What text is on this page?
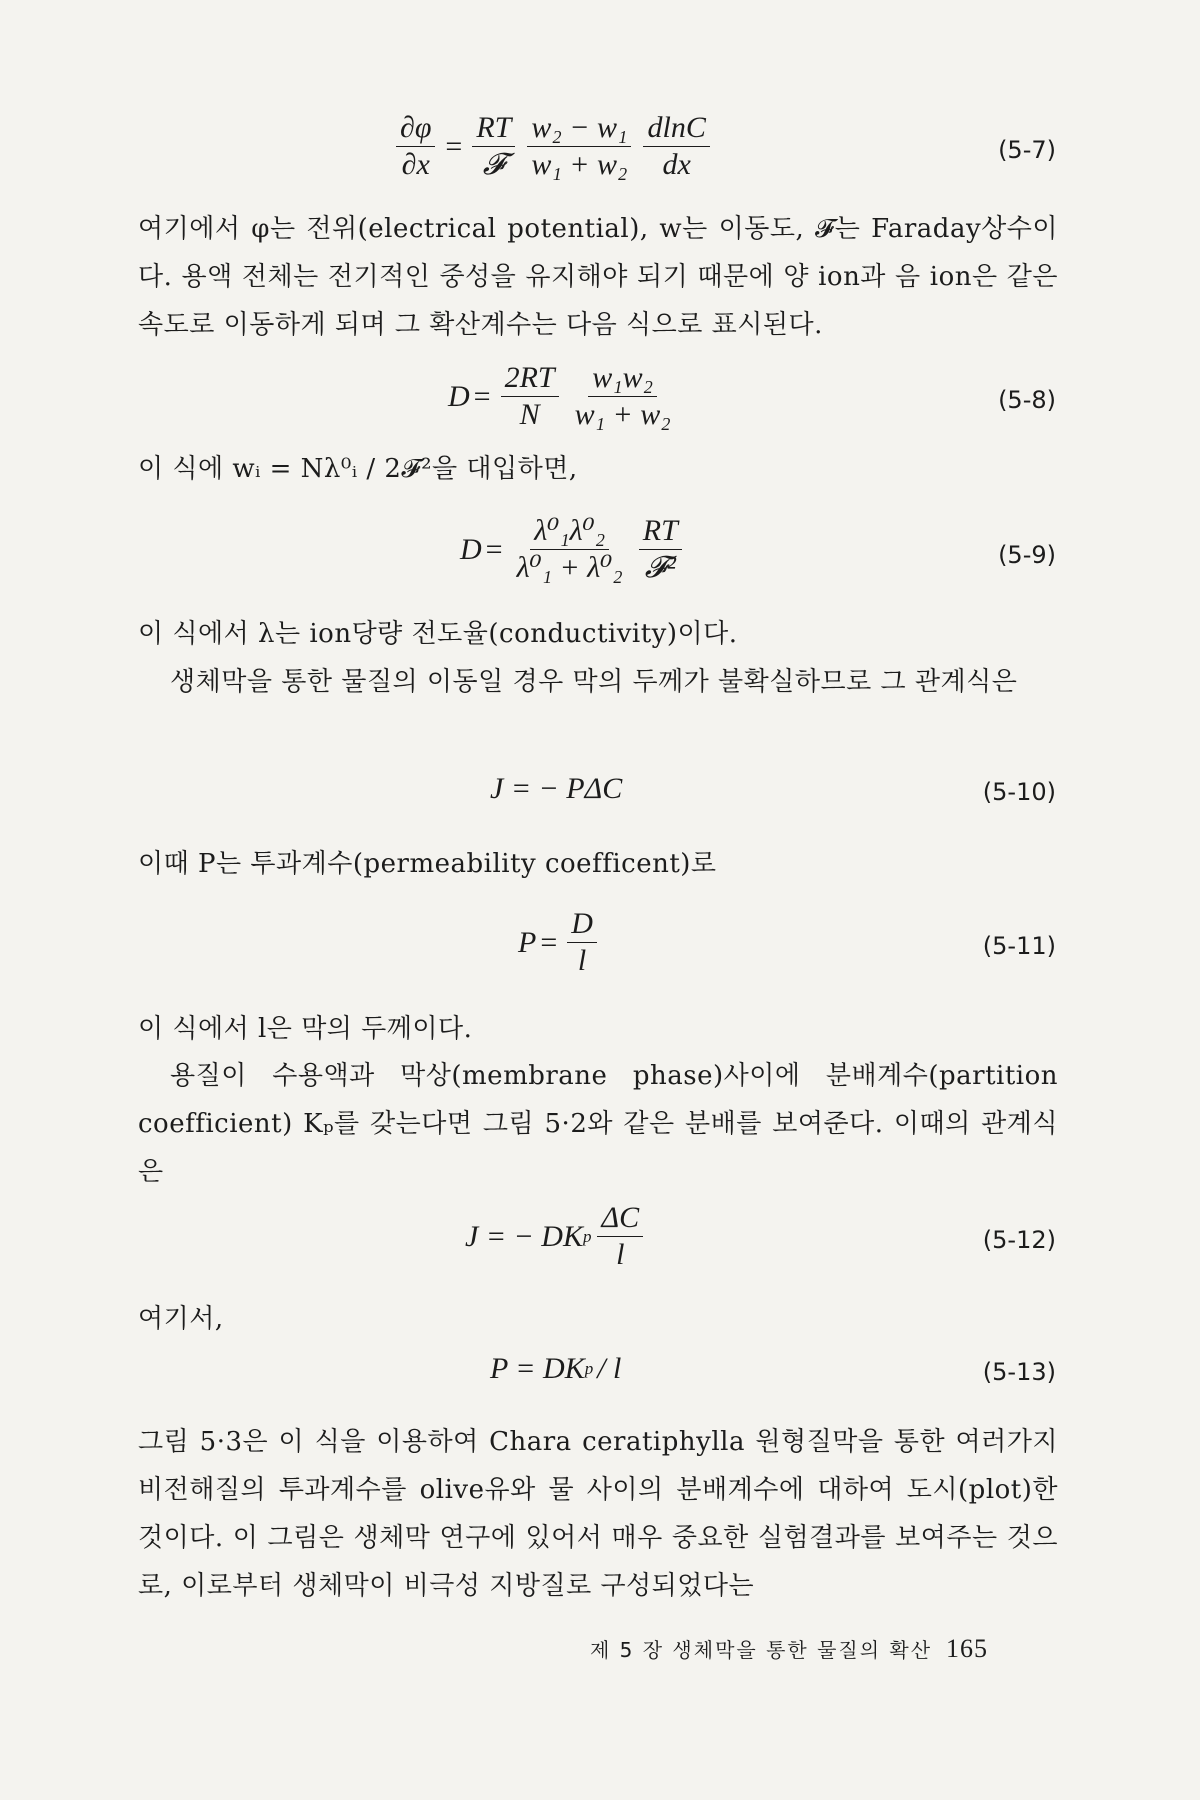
$\frac{\partial\varphi}{\partial x} = \frac{RT}{\text{𝓕}} \frac{\text{w₂ − w₁}}{\text{w₁ + w₂}} \frac{dlnC}{dx}$	(5-7)
여기에서 φ는 전위(electrical potential), w는 이동도, 𝓕는 Faraday상수이다. 용액 전체는 전기적인 중성을 유지해야 되기 때문에 양 ion과 음 ion은 같은 속도로 이동하게 되며 그 확산계수는 다음 식으로 표시된다.
$D = \frac{2RT}{N} \frac{\text{w₁w₂}}{\text{w₁ + w₂}}$	(5-8)
이 식에 wᵢ = Nλ⁰ᵢ / 2𝓕²을 대입하면,
$D = \frac{\text{λ⁰₁λ⁰₂}}{\text{λ⁰₁ + λ⁰₂}} \frac{RT}{\text{𝓕²}}$	(5-9)
이 식에서 λ는 ion당량 전도율(conductivity)이다.
생체막을 통한 물질의 이동일 경우 막의 두께가 불확실하므로 그 관계식은
J = − PΔC	(5-10)
이때 P는 투과계수(permeability coefficent)로
$P = \frac{D}{l}$	(5-11)
이 식에서 l은 막의 두께이다.
용질이 수용액과 막상(membrane phase)사이에 분배계수(partition coefficient) Kₚ를 갖는다면 그림 5·2와 같은 분배를 보여준다. 이때의 관계식은
J = − DK p $\frac{\Delta C}{l}$	(5-12)
여기서,
P = DK p / l	(5-13)
그림 5·3은 이 식을 이용하여 Chara ceratiphylla 원형질막을 통한 여러가지 비전해질의 투과계수를 olive유와 물 사이의 분배계수에 대하여 도시(plot)한 것이다. 이 그림은 생체막 연구에 있어서 매우 중요한 실험결과를 보여주는 것으로, 이로부터 생체막이 비극성 지방질로 구성되었다는
제 5 장 생체막을 통한 물질의 확산 165
